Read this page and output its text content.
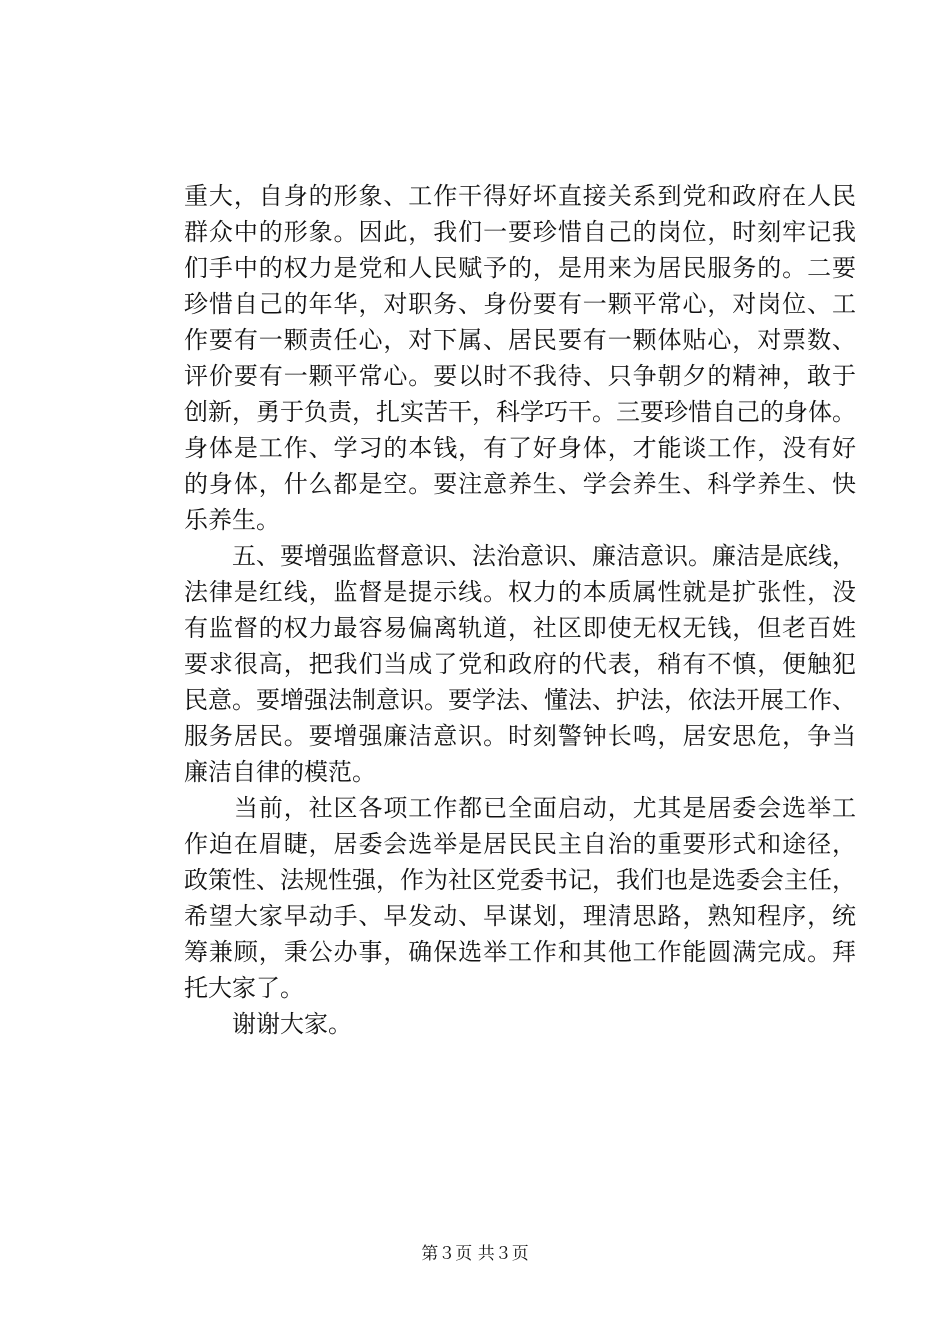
重大，自身的形象、工作干得好坏直接关系到党和政府在人民
群众中的形象。因此，我们一要珍惜自己的岗位，时刻牢记我
们手中的权力是党和人民赋予的，是用来为居民服务的。二要
珍惜自己的年华，对职务、身份要有一颗平常心，对岗位、工
作要有一颗责任心，对下属、居民要有一颗体贴心，对票数、
评价要有一颗平常心。要以时不我待、只争朝夕的精神，敢于
创新，勇于负责，扎实苦干，科学巧干。三要珍惜自己的身体。
身体是工作、学习的本钱，有了好身体，才能谈工作，没有好
的身体，什么都是空。要注意养生、学会养生、科学养生、快
乐养生。
　　五、要增强监督意识、法治意识、廉洁意识。廉洁是底线，
法律是红线，监督是提示线。权力的本质属性就是扩张性，没
有监督的权力最容易偏离轨道，社区即使无权无钱，但老百姓
要求很高，把我们当成了党和政府的代表，稍有不慎，便触犯
民意。要增强法制意识。要学法、懂法、护法，依法开展工作、
服务居民。要增强廉洁意识。时刻警钟长鸣，居安思危，争当
廉洁自律的模范。
　　当前，社区各项工作都已全面启动，尤其是居委会选举工
作迫在眉睫，居委会选举是居民民主自治的重要形式和途径，
政策性、法规性强，作为社区党委书记，我们也是选委会主任，
希望大家早动手、早发动、早谋划，理清思路，熟知程序，统
筹兼顾，秉公办事，确保选举工作和其他工作能圆满完成。拜
托大家了。
　　谢谢大家。
第３页 共３页
